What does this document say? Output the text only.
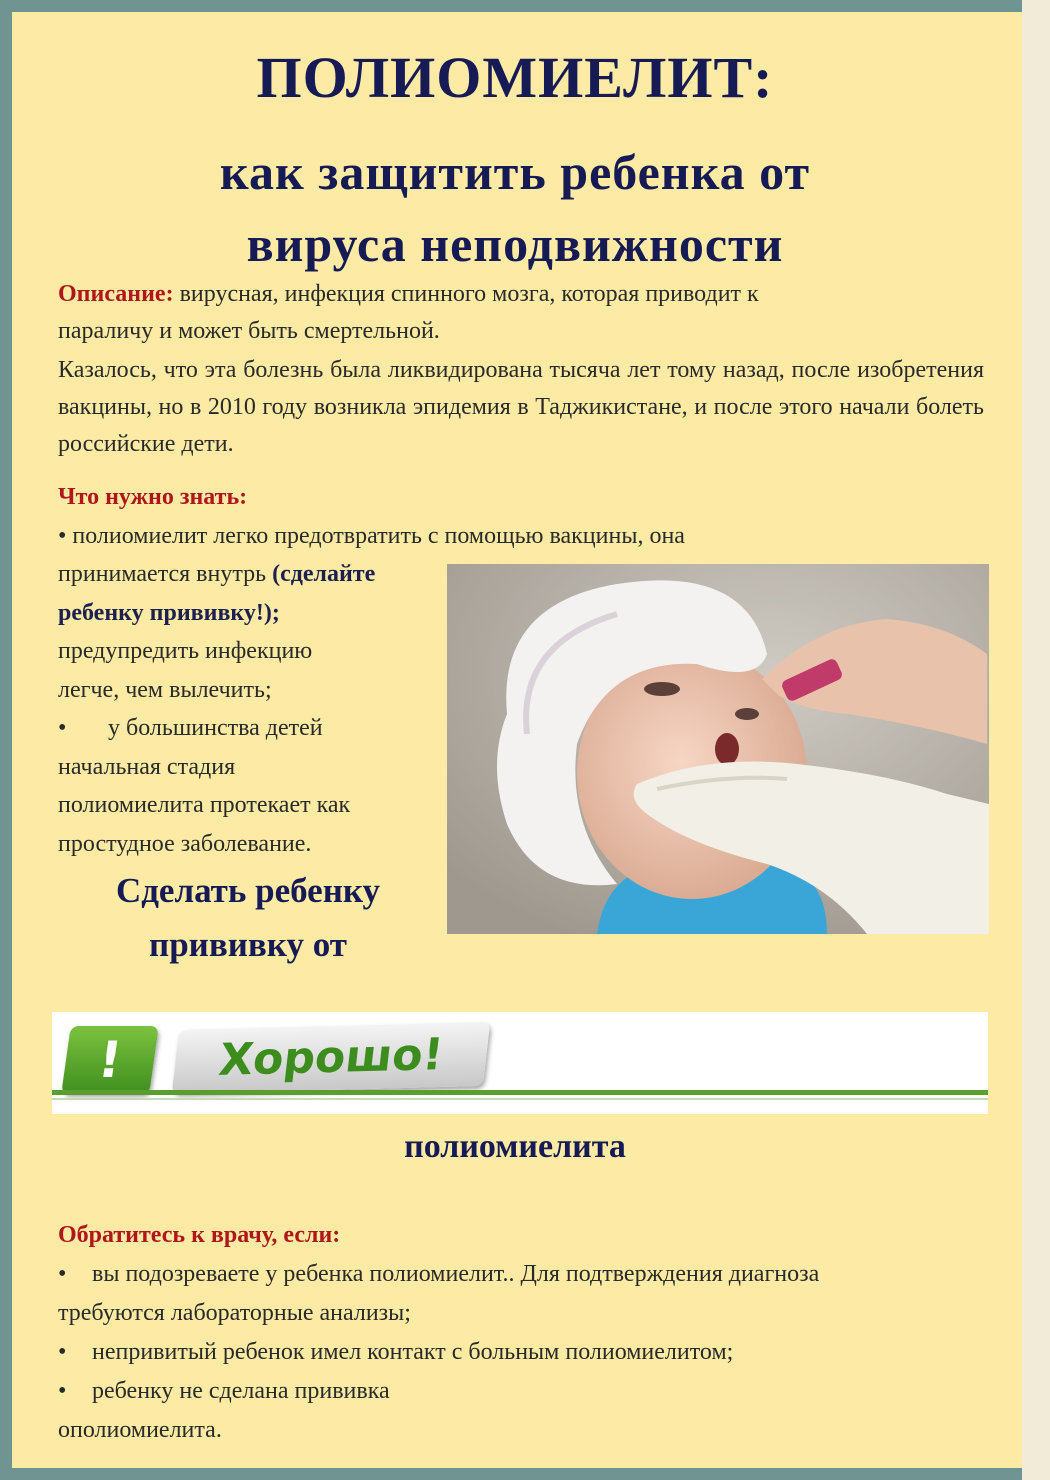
ПОЛИОМИЕЛИТ:
как защитить ребенка от
вируса неподвижности
Описание: вирусная, инфекция спинного мозга, которая приводит к
параличу и может быть смертельной.
Казалось, что эта болезнь была ликвидирована тысяча лет тому назад, после изобретения вакцины, но в 2010 году возникла эпидемия в Таджикистане, и после этого начали болеть российские дети.
Что нужно знать:
• полиомиелит легко предотвратить с помощью вакцины, она
принимается внутрь (сделайте
ребенку прививку!);
предупредить инфекцию
легче, чем вылечить;
• у большинства детей
начальная стадия
полиомиелита протекает как
простудное заболевание.
Сделать ребенку
прививку от
!	Хорошо!
полиомиелита
Обратитесь к врачу, если:
• вы подозреваете у ребенка полиомиелит.. Для подтверждения диагноза
требуются лабораторные анализы;
• непривитый ребенок имел контакт с больным полиомиелитом;
• ребенку не сделана прививка
ополиомиелита.
